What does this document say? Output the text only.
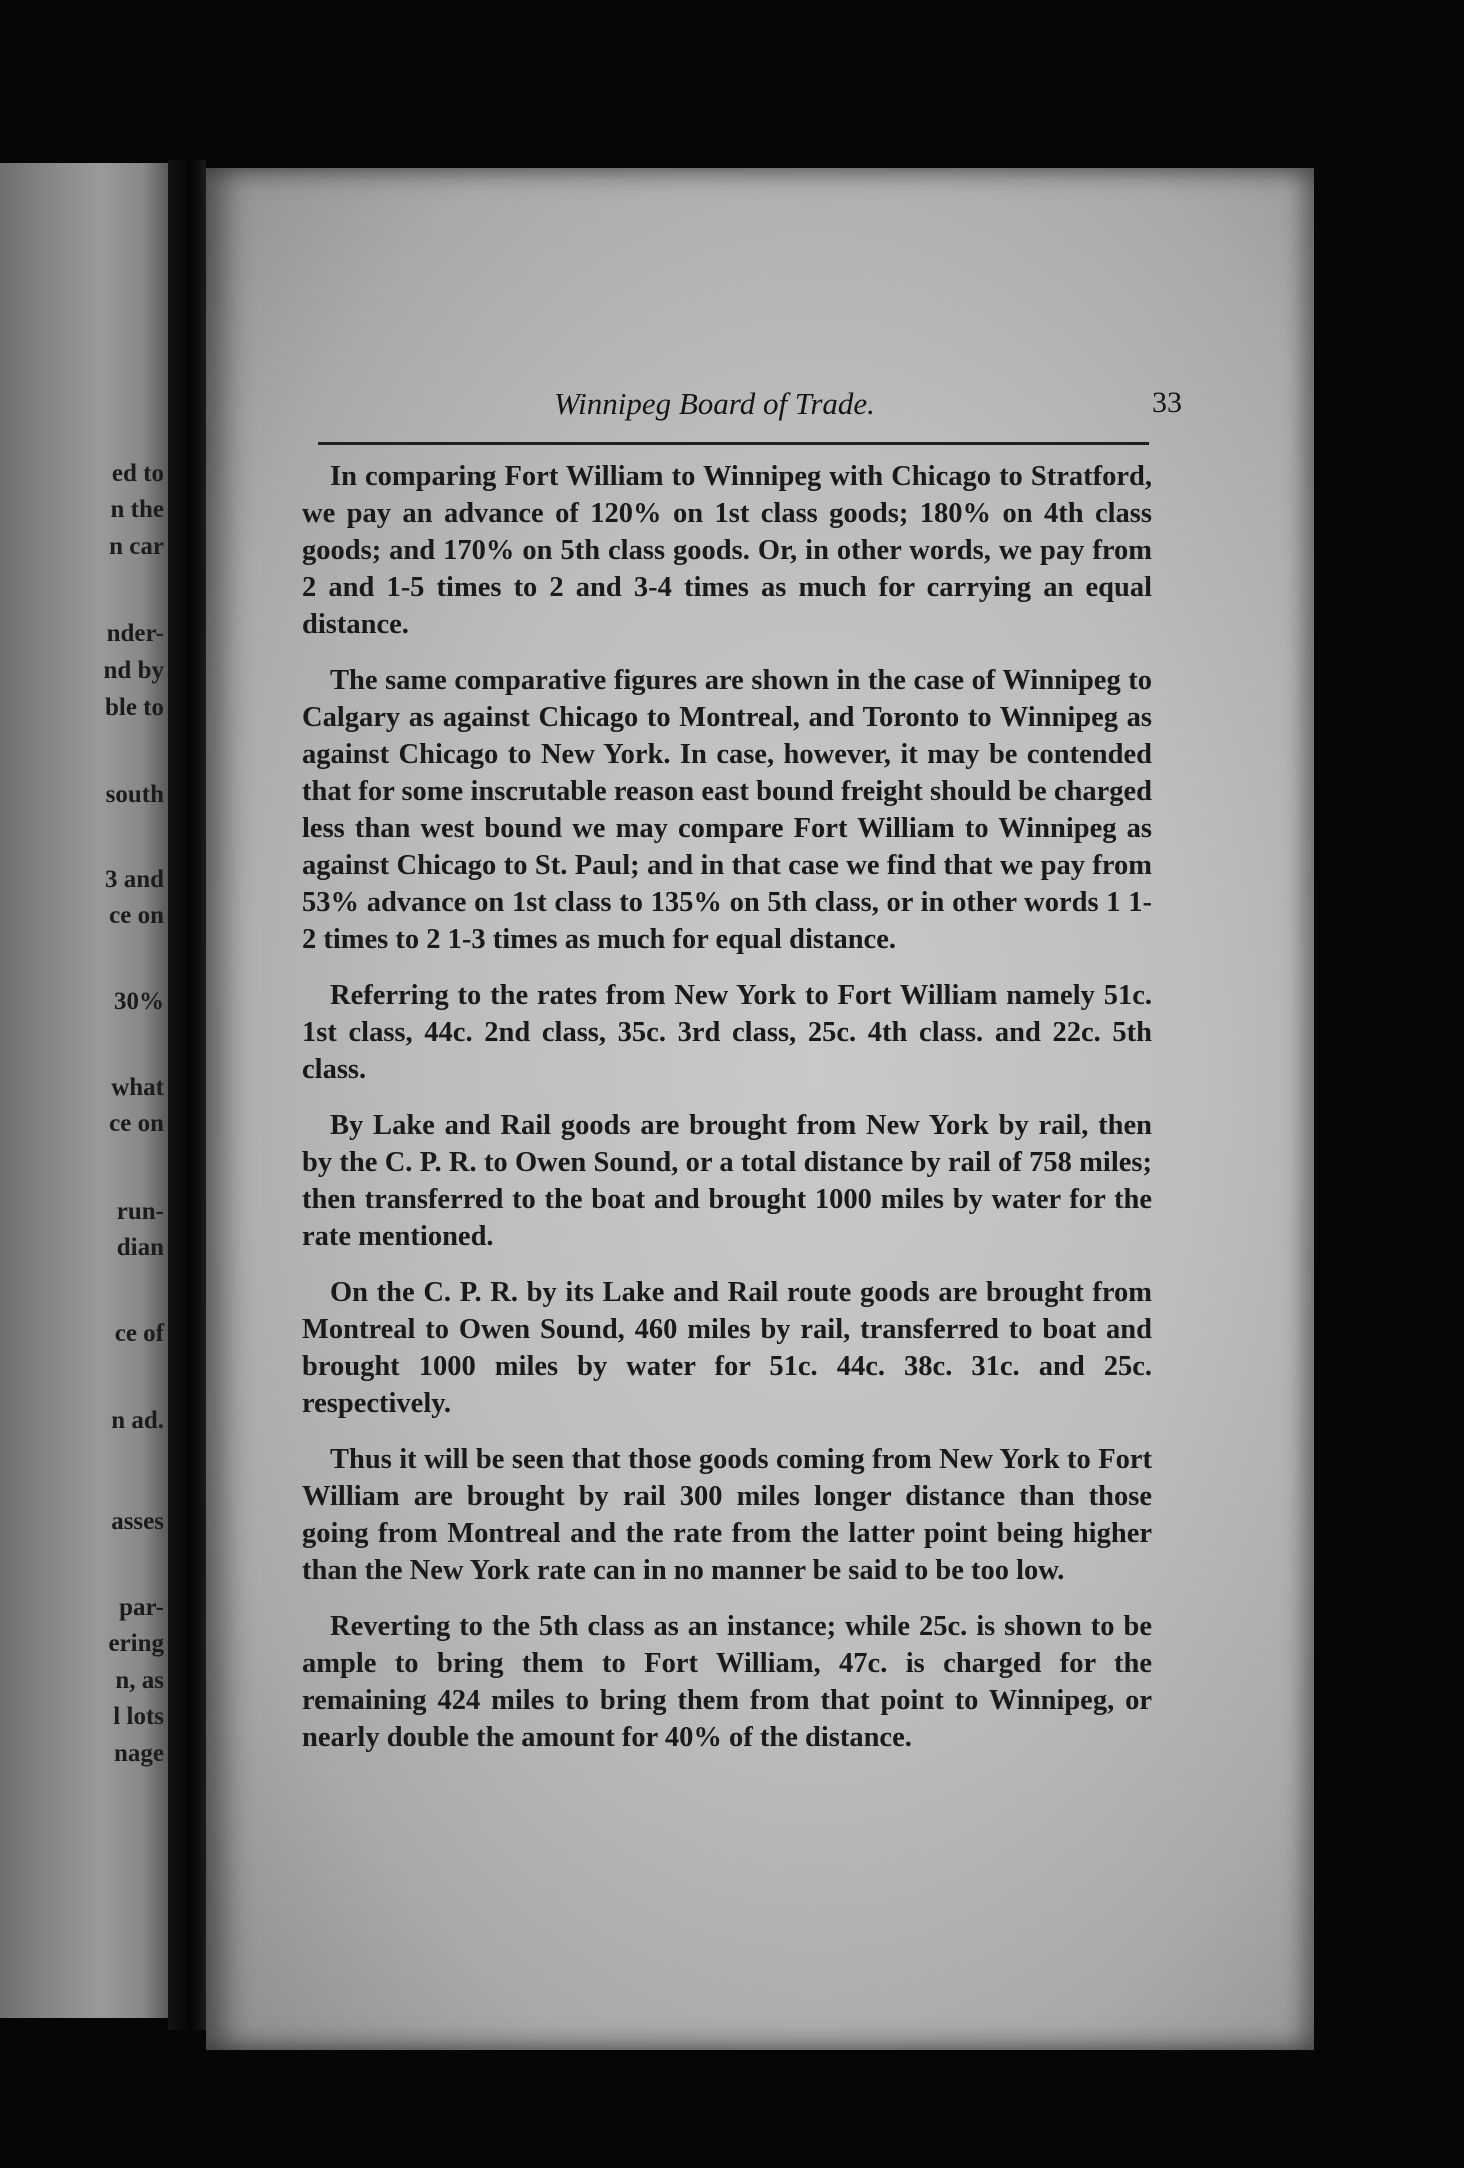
ed to
n the
n car
nder-
nd by
ble to
south
3 and
ce on
30%
what
ce on
run-
dian
ce of
n ad.
asses
par-
ering
n, as
l lots
nage
Winnipeg Board of Trade.	33

In comparing Fort William to Winnipeg with Chicago to Stratford, we pay an advance of 120% on 1st class goods; 180% on 4th class goods; and 170% on 5th class goods. Or, in other words, we pay from 2 and 1-5 times to 2 and 3-4 times as much for carrying an equal distance.

The same comparative figures are shown in the case of Winnipeg to Calgary as against Chicago to Montreal, and Toronto to Winnipeg as against Chicago to New York. In case, however, it may be contended that for some inscrutable reason east bound freight should be charged less than west bound we may compare Fort William to Winnipeg as against Chicago to St. Paul; and in that case we find that we pay from 53% advance on 1st class to 135% on 5th class, or in other words 1 1-2 times to 2 1-3 times as much for equal distance.

Referring to the rates from New York to Fort William namely 51c. 1st class, 44c. 2nd class, 35c. 3rd class, 25c. 4th class. and 22c. 5th class.

By Lake and Rail goods are brought from New York by rail, then by the C. P. R. to Owen Sound, or a total distance by rail of 758 miles; then transferred to the boat and brought 1000 miles by water for the rate mentioned.

On the C. P. R. by its Lake and Rail route goods are brought from Montreal to Owen Sound, 460 miles by rail, transferred to boat and brought 1000 miles by water for 51c. 44c. 38c. 31c. and 25c. respectively.

Thus it will be seen that those goods coming from New York to Fort William are brought by rail 300 miles longer distance than those going from Montreal and the rate from the latter point being higher than the New York rate can in no manner be said to be too low.

Reverting to the 5th class as an instance; while 25c. is shown to be ample to bring them to Fort William, 47c. is charged for the remaining 424 miles to bring them from that point to Winnipeg, or nearly double the amount for 40% of the distance.
